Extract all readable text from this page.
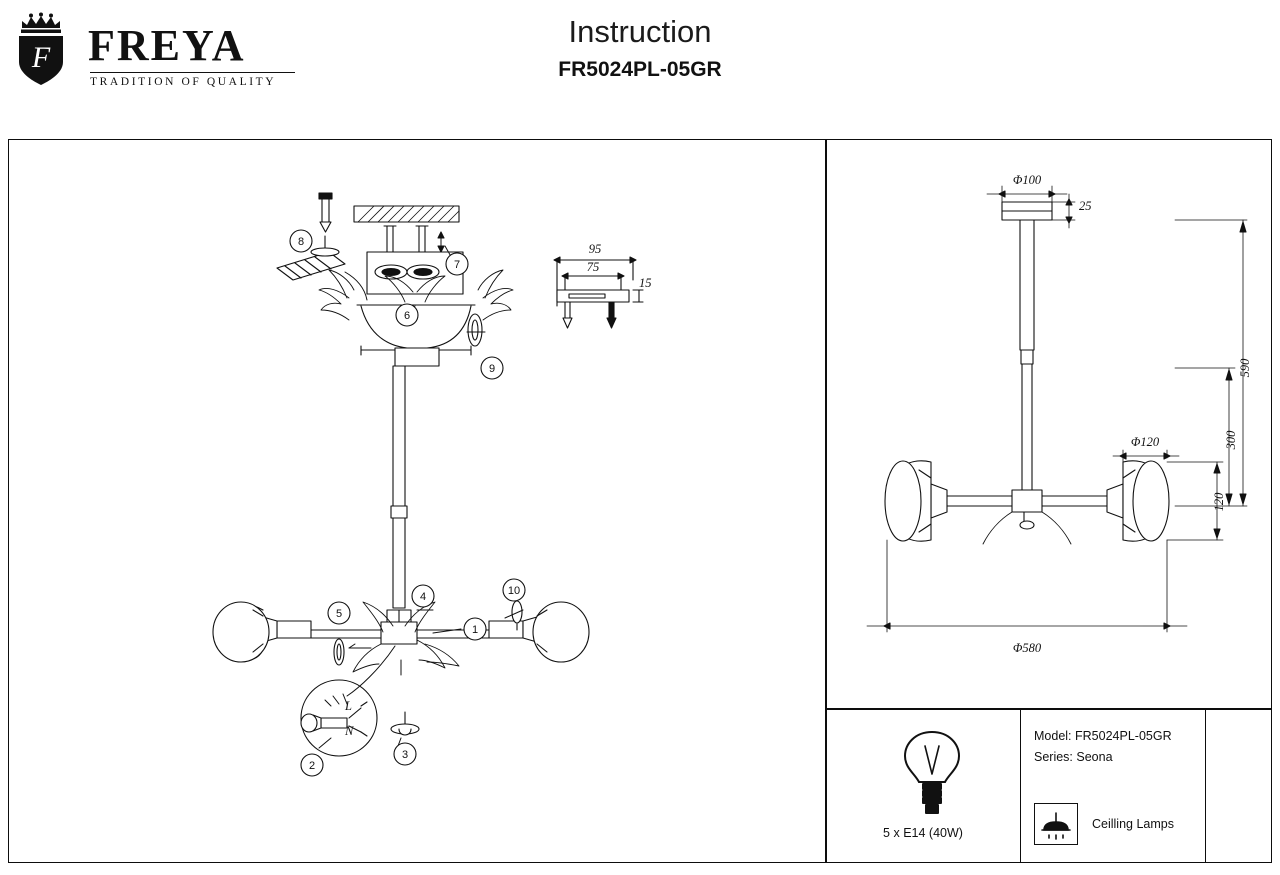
F FREYA
TRADITION OF QUALITY
Instruction
FR5024PL-05GR
1
2
3
4
5
6
7
8
9
10
L
N
95
75
15
Φ100
25
590
300
Φ120
120
Φ580
5 x E14 (40W)
Model: FR5024PL-05GR
Series: Seona
Ceilling Lamps
